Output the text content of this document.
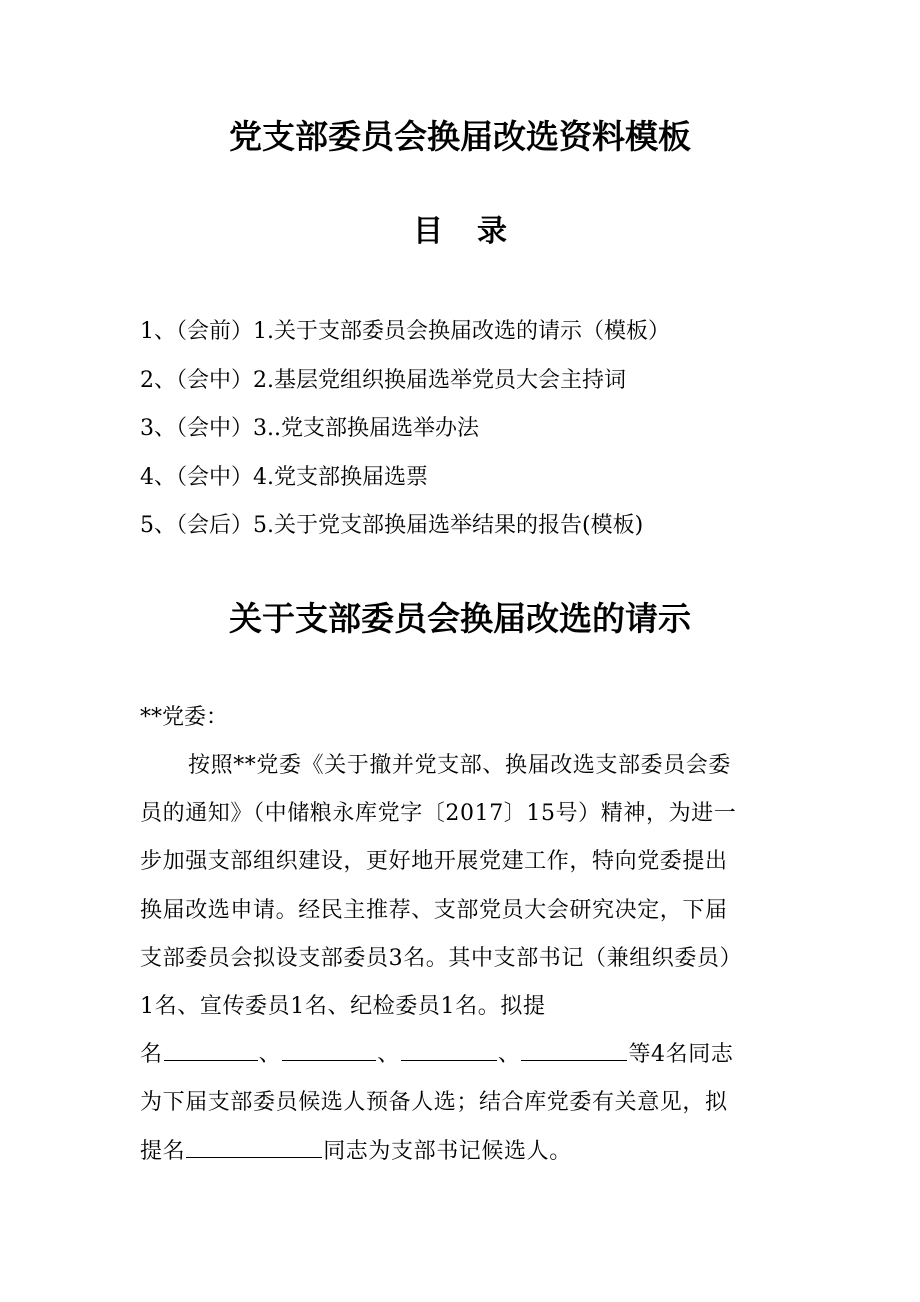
党支部委员会换届改选资料模板
目 录
1、（会前）1.关于支部委员会换届改选的请示（模板）
2、（会中）2.基层党组织换届选举党员大会主持词
3、（会中）3..党支部换届选举办法
4、（会中）4.党支部换届选票
5、（会后）5.关于党支部换届选举结果的报告(模板)
关于支部委员会换届改选的请示
**党委：
按照**党委《关于撤并党支部、换届改选支部委员会委
员的通知》（中储粮永库党字〔2017〕15号）精神，为进一
步加强支部组织建设，更好地开展党建工作，特向党委提出
换届改选申请。经民主推荐、支部党员大会研究决定，下届
支部委员会拟设支部委员3名。其中支部书记（兼组织委员）
1名、宣传委员1名、纪检委员1名。拟提
名	、	、	、	等4名同志
为下届支部委员候选人预备人选；结合库党委有关意见，拟
提名	同志为支部书记候选人。
